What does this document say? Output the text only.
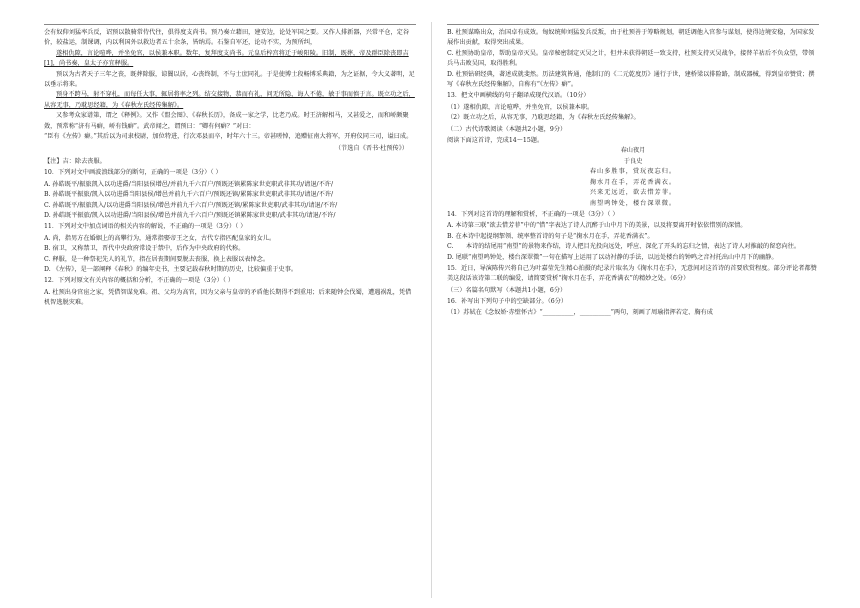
会有奴仰刘猛率兵反，诏预以散骑常侍代往，俱得度支尚书。预乃奏立藉田，建安边，论处军国之要。又作人排新器，兴常平仓，定谷价，较盐运，制课调，内以利国外以救边者五十余条，皆纳焉。石鉴自军还，论功不实，为预所纠，

遂相仇隙，言论喧哗，并坐免官，以侯兼本职。数年，复拜度支尚书。元皇后梓宫将迁于峻阳陵。旧制，既葬，帝及群臣除丧即吉[1]，尚书奏，皇太子亦宜释服。

预以为古者天子三年之丧，既葬除服，谅闇以居，心丧终制，不与士庶同礼。于是使博士段畅博采典籍，为之证据，令大义著明，足以垂示将来。

预身不跨马，射不穿札，而每任大事，辄居将率之列。结交接物，恭而有礼，问无所隐，诲人不倦，敏于事而慎于言。既立功之后，从容无事，乃耽思经籍，为《春秋左氏经传集解》。

又参考众家谱第，谓之《释例》。又作《盟会图》、《春秋长历》，备成一家之学，比老乃成。时王济解相马，又甚爱之，而和峤颇聚敛，预常称“济有马癖，峤有钱癖”。武帝闻之，谓预曰：“卿有何癖？”对曰：

“臣有《左传》癖。”其后以为司隶校尉，加位特进，行次邓县而卒，时年六十三。帝甚嗟悼，追赠征南大将军，开府仪同三司，谥曰成。

（节选自《晋书·杜预传》）

【注】吉：除去丧服。

10．下列对文中画波浪线部分的断句，正确的一项是（3分）（ ）

A. 孙皓既平/振旅凯入以功进爵/当阳县侯增邑/并前九千六百户/预既还镇累陈家世吏职武非其功/请退/不许/

B. 孙皓既平振旅/凯入以功进爵当阳县侯/增邑并前九千六百户/预既还镇/累陈家世吏职武非其功/请退/不许/

C. 孙皓既平/振旅凯入/以功进爵当阳县侯/增邑并前九千六百户/预既还镇/累陈家世吏职/武非其功/请退/不许/

D. 孙皓既平振旅/凯入以功进爵/当阳县侯/增邑并前九千六百户/预既还镇累陈家世吏职/武非其功/请退/不许/

11．下列对文中加点词语的相关内容的解说，不正确的一项是（3分）（ ）

A. 尚，指男方在婚姻上的高攀行为，通常指娶帝王之女，古代专指匹配皇家的女儿。

B. 宿卫，又称禁卫，晋代中央政府常设于禁中，后作为中央政府的代称。

C. 释服，是一种祭祀先人的礼节，指在居丧期间要脱去丧服，换上表服以表悼念。

D. 《左传》，是一部阐释《春秋》的编年史书，主要记载春秋时期的历史，比较偏重于史事。

12．下列对原文有关内容的概括和分析，不正确的一项是（3分）（ ）

A. 杜预出身官宦之家，凭借智谋免难。祖、父均为高官，因为父亲与皇帝的矛盾他长期得不到重用；后来随钟会伐蜀，遭遇祸乱，凭借机智逃脱灾难。

B. 杜预谋略出众，治国卓有成效。匈奴统帅刘猛发兵反叛，由于杜预善于筹略规划，朝廷调他入官参与谋划，使得边境安稳，为国家发展作出贡献，取得突出成果。

C. 杜预协助皇帝，帮助皇帝灭吴。皇帝秘密制定灭吴之计，但并未获得朝廷一致支持，杜预支持灭吴战争，接替羊祜后不负众望，带领兵马击败吴国，取得胜利。

D. 杜预钻研经典，著述成就斐然。历法建筑皆通，他制订的《二元乾度历》通行于世，建桥梁以排险路，制成器械，得到皇帝赞赏；撰写《春秋左氏经传集解》，自称有“《左传》癖”。

13．把文中画横线的句子翻译成现代汉语。（10分）

（1）遂相仇隙，言论喧哗，并坐免官，以侯兼本职。

（2）既立功之后，从容无事，乃耽思经籍，为《春秋左氏经传集解》。

（二）古代诗歌阅读（本题共2小题，9分）

阅读下面这首诗，完成14～15题。

春山夜月

于良史

春山多胜事，赏玩夜忘归。

掬水月在手，弄花香满衣。

兴来无远近，欲去惜芳菲。

南望鸣钟处，楼台深翠微。

14．下列对这首诗的理解和赏析，不正确的一项是（3分）（ ）

A. 本诗第三联“欲去惜芳菲”中的“惜”字表达了诗人沉醉于山中月下的美景，以及将要离开时依依惜别的深情。

B. 在本诗中起提纲挈领、统率整首诗的句子是“掬水月在手，弄花香满衣”。

C.　　本诗的结尾用“南望”的景物来作结，诗人把目光投向远处，呼应、深化了开头的忘归之情，表达了诗人对推敲的留恋向往。

D. 尾联“南望鸣钟处，楼台深翠微”一句在描写上运用了以动衬静的手法，以远处楼台的钟鸣之音衬托出山中月下的幽静。

15．近日，导演陈传兴将自己为叶嘉莹先生精心拍摄的纪录片取名为《掬水月在手》，无意间对这首诗的首要欣赏程度。部分评论者都赞美这段话该诗第二联的编爱，请简要赏析“掬水月在手，弄花香满衣”的精妙之处。（6分）

（三）名篇名句默写（本题共1小题，6分）

16．补写出下列句子中的空缺部分。（6分）

（1）苏轼在《念奴娇·赤壁怀古》“__________，__________”两句，刻画了周瑜指挥若定、胸有成
